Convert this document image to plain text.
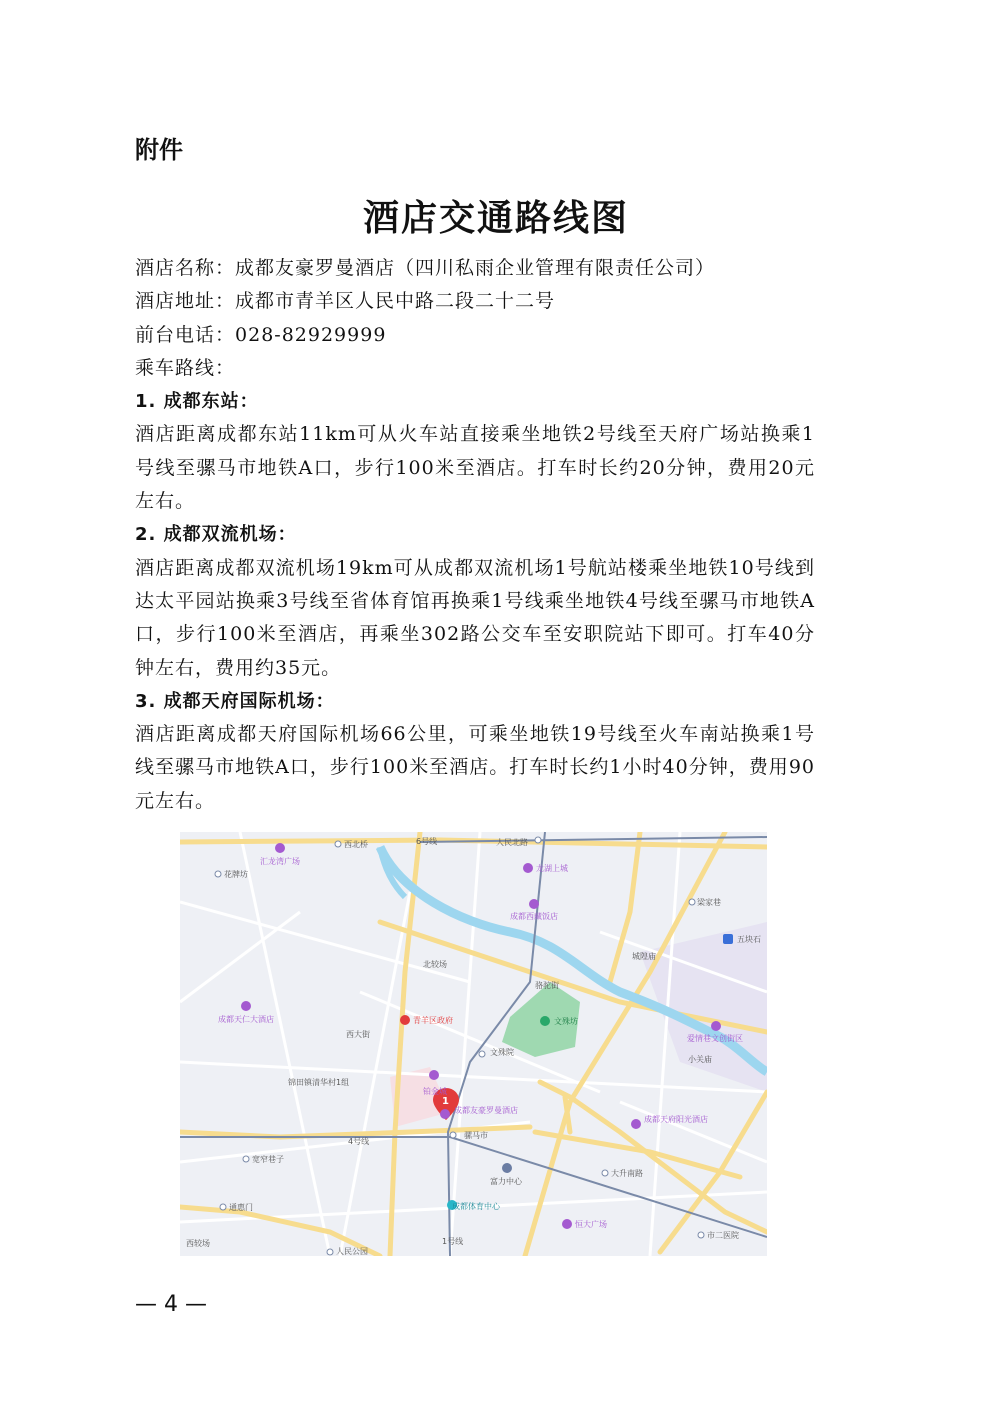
附件
酒店交通路线图

酒店名称：成都友豪罗曼酒店（四川私雨企业管理有限责任公司）

酒店地址：成都市青羊区人民中路二段二十二号

前台电话：028-82929999

乘车路线：

1. 成都东站：

酒店距离成都东站11km可从火车站直接乘坐地铁2号线至天府广场站换乘1号线至骡马市地铁A口，步行100米至酒店。打车时长约20分钟，费用20元左右。

2. 成都双流机场：

酒店距离成都双流机场19km可从成都双流机场1号航站楼乘坐地铁10号线到达太平园站换乘3号线至省体育馆再换乘1号线乘坐地铁4号线至骡马市地铁A口，步行100米至酒店，再乘坐302路公交车至安职院站下即可。打车40分钟左右，费用约35元。

3. 成都天府国际机场：

酒店距离成都天府国际机场66公里，可乘坐地铁19号线至火车南站换乘1号线至骡马市地铁A口，步行100米至酒店。打车时长约1小时40分钟，费用90元左右。

6号线
4号线
1号线
1
西北桥
汇龙湾广场
花牌坊
人民北路
龙湖上城
成都西藏饭店
梁家巷
五块石
城隍庙
北较场
骆驼街
成都天仁大酒店	青羊区政府	文殊坊
爱情巷文创街区
西大街
文殊院
小关庙
锦田镇清华村1组
铂金城
成都友豪罗曼酒店
成都天府阳光酒店
骡马市
宽窄巷子
富力中心
大升南路
通惠门	成都体育中心
恒大广场
市二医院
西较场
人民公园
— 4 —
